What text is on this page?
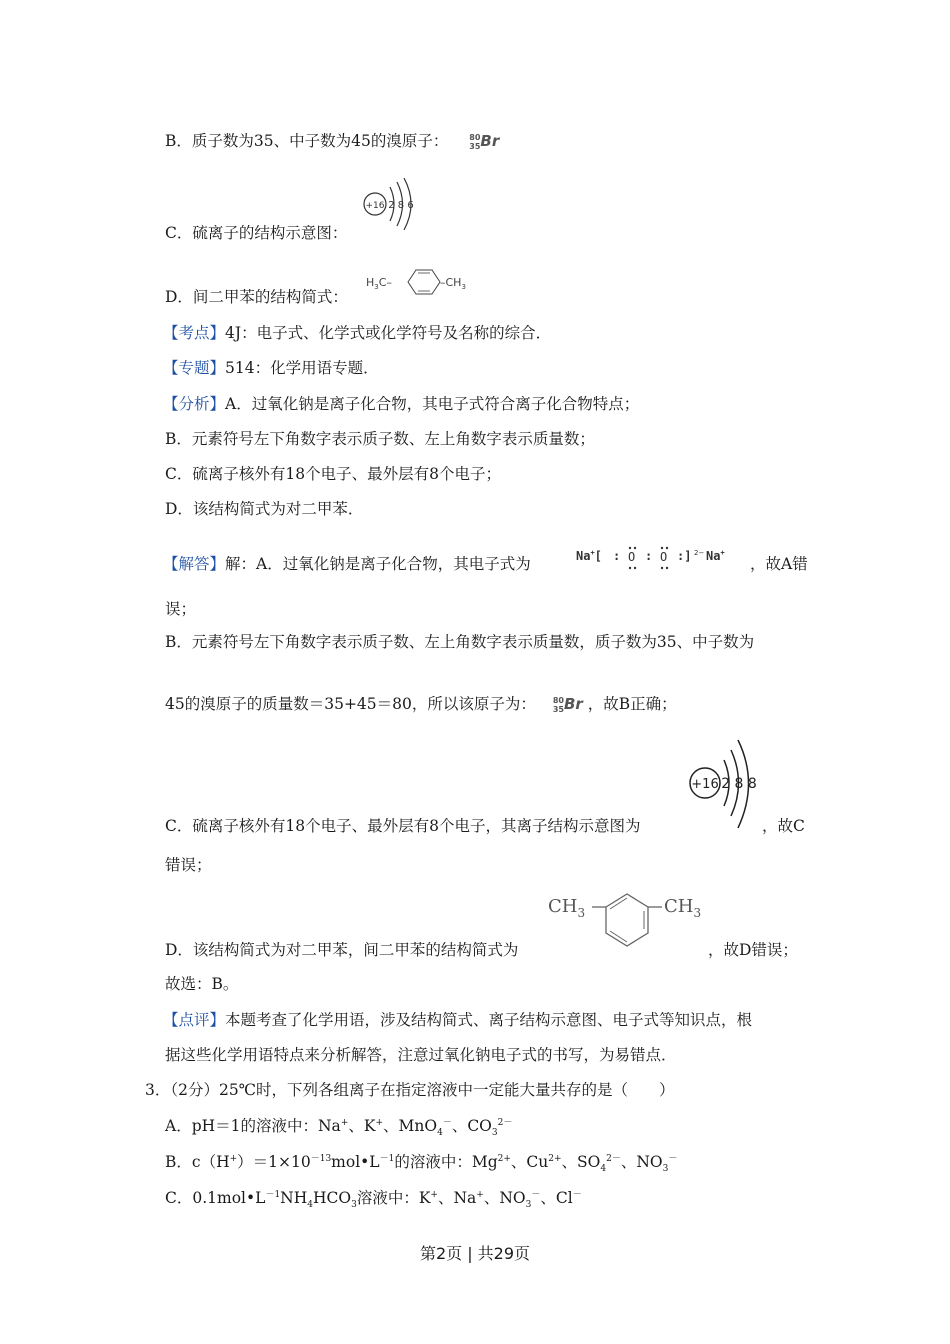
B．质子数为35、中子数为45的溴原子：	80
35Br
+16 2 8 6
C．硫离子的结构示意图：
$H_3C-$	$-CH_3$
D．间二甲苯的结构简式：
【考点】4J：电子式、化学式或化学符号及名称的综合．
【专题】514：化学用语专题．
【分析】A．过氧化钠是离子化合物，其电子式符合离子化合物特点；
B．元素符号左下角数字表示质子数、左上角数字表示质量数；
C．硫离子核外有18个电子、最外层有8个电子；
D．该结构简式为对二甲苯．
【解答】解：A．过氧化钠是离子化合物，其电子式为	Na+[ : O : O :] 2− Na+
，故A错
误；
B．元素符号左下角数字表示质子数、左上角数字表示质量数，质子数为35、中子数为
45的溴原子的质量数＝35+45＝80，所以该原子为： 80
35Br ，故B正确；
+16 2 8 8
C．硫离子核外有18个电子、最外层有8个电子，其离子结构示意图为	，故C
错误；
$CH_3$	$CH_3$
D．该结构简式为对二甲苯，间二甲苯的结构简式为	，故D错误；
故选：B。
【点评】本题考查了化学用语，涉及结构简式、离子结构示意图、电子式等知识点，根
据这些化学用语特点来分析解答，注意过氧化钠电子式的书写，为易错点．
3．（2分）25℃时，下列各组离子在指定溶液中一定能大量共存的是（　　）
A．pH＝1的溶液中：Na+、K+、MnO$_4$－、$CO_3^{2-}$
B．$c(H^+)=1\times 10^{-13}mol•L^{-1}$的溶液中：$Mg^{2+}$、$Cu^{2+}$、$SO_4^{2-}$、$NO_3^-$
C．$0.1mol•L^{-1}NH_4HCO_3$溶液中：K+、Na+、$NO_3^-$、Cl－
第2页 | 共29页
